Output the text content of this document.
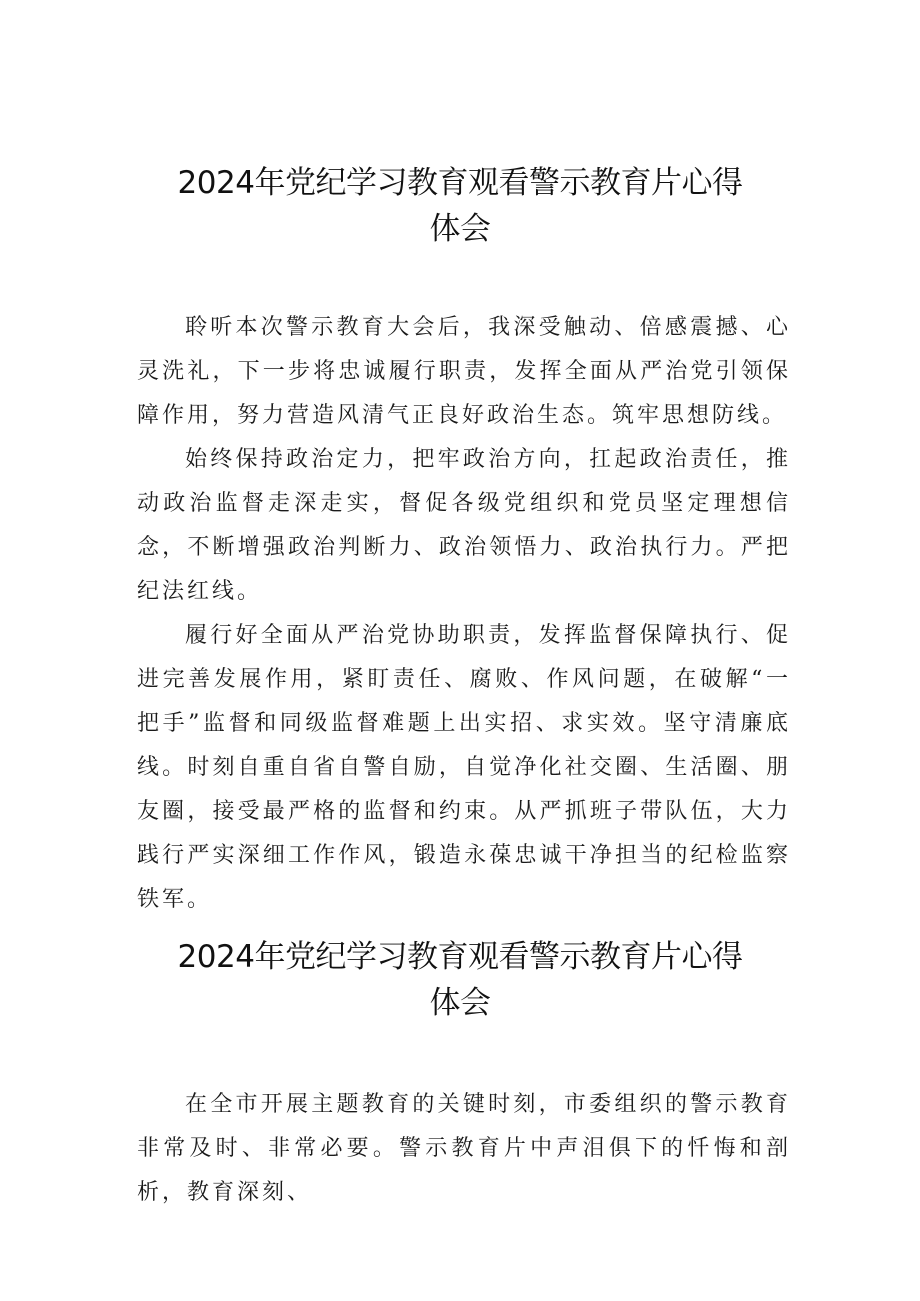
2024年党纪学习教育观看警示教育片心得
体会

聆听本次警示教育大会后，我深受触动、倍感震撼、心灵洗礼，下一步将忠诚履行职责，发挥全面从严治党引领保障作用，努力营造风清气正良好政治生态。筑牢思想防线。

始终保持政治定力，把牢政治方向，扛起政治责任，推动政治监督走深走实，督促各级党组织和党员坚定理想信念，不断增强政治判断力、政治领悟力、政治执行力。严把纪法红线。

履行好全面从严治党协助职责，发挥监督保障执行、促进完善发展作用，紧盯责任、腐败、作风问题，在破解“一把手”监督和同级监督难题上出实招、求实效。坚守清廉底线。时刻自重自省自警自励，自觉净化社交圈、生活圈、朋友圈，接受最严格的监督和约束。从严抓班子带队伍，大力践行严实深细工作作风，锻造永葆忠诚干净担当的纪检监察铁军。

2024年党纪学习教育观看警示教育片心得
体会

在全市开展主题教育的关键时刻，市委组织的警示教育非常及时、非常必要。警示教育片中声泪俱下的忏悔和剖析，教育深刻、
